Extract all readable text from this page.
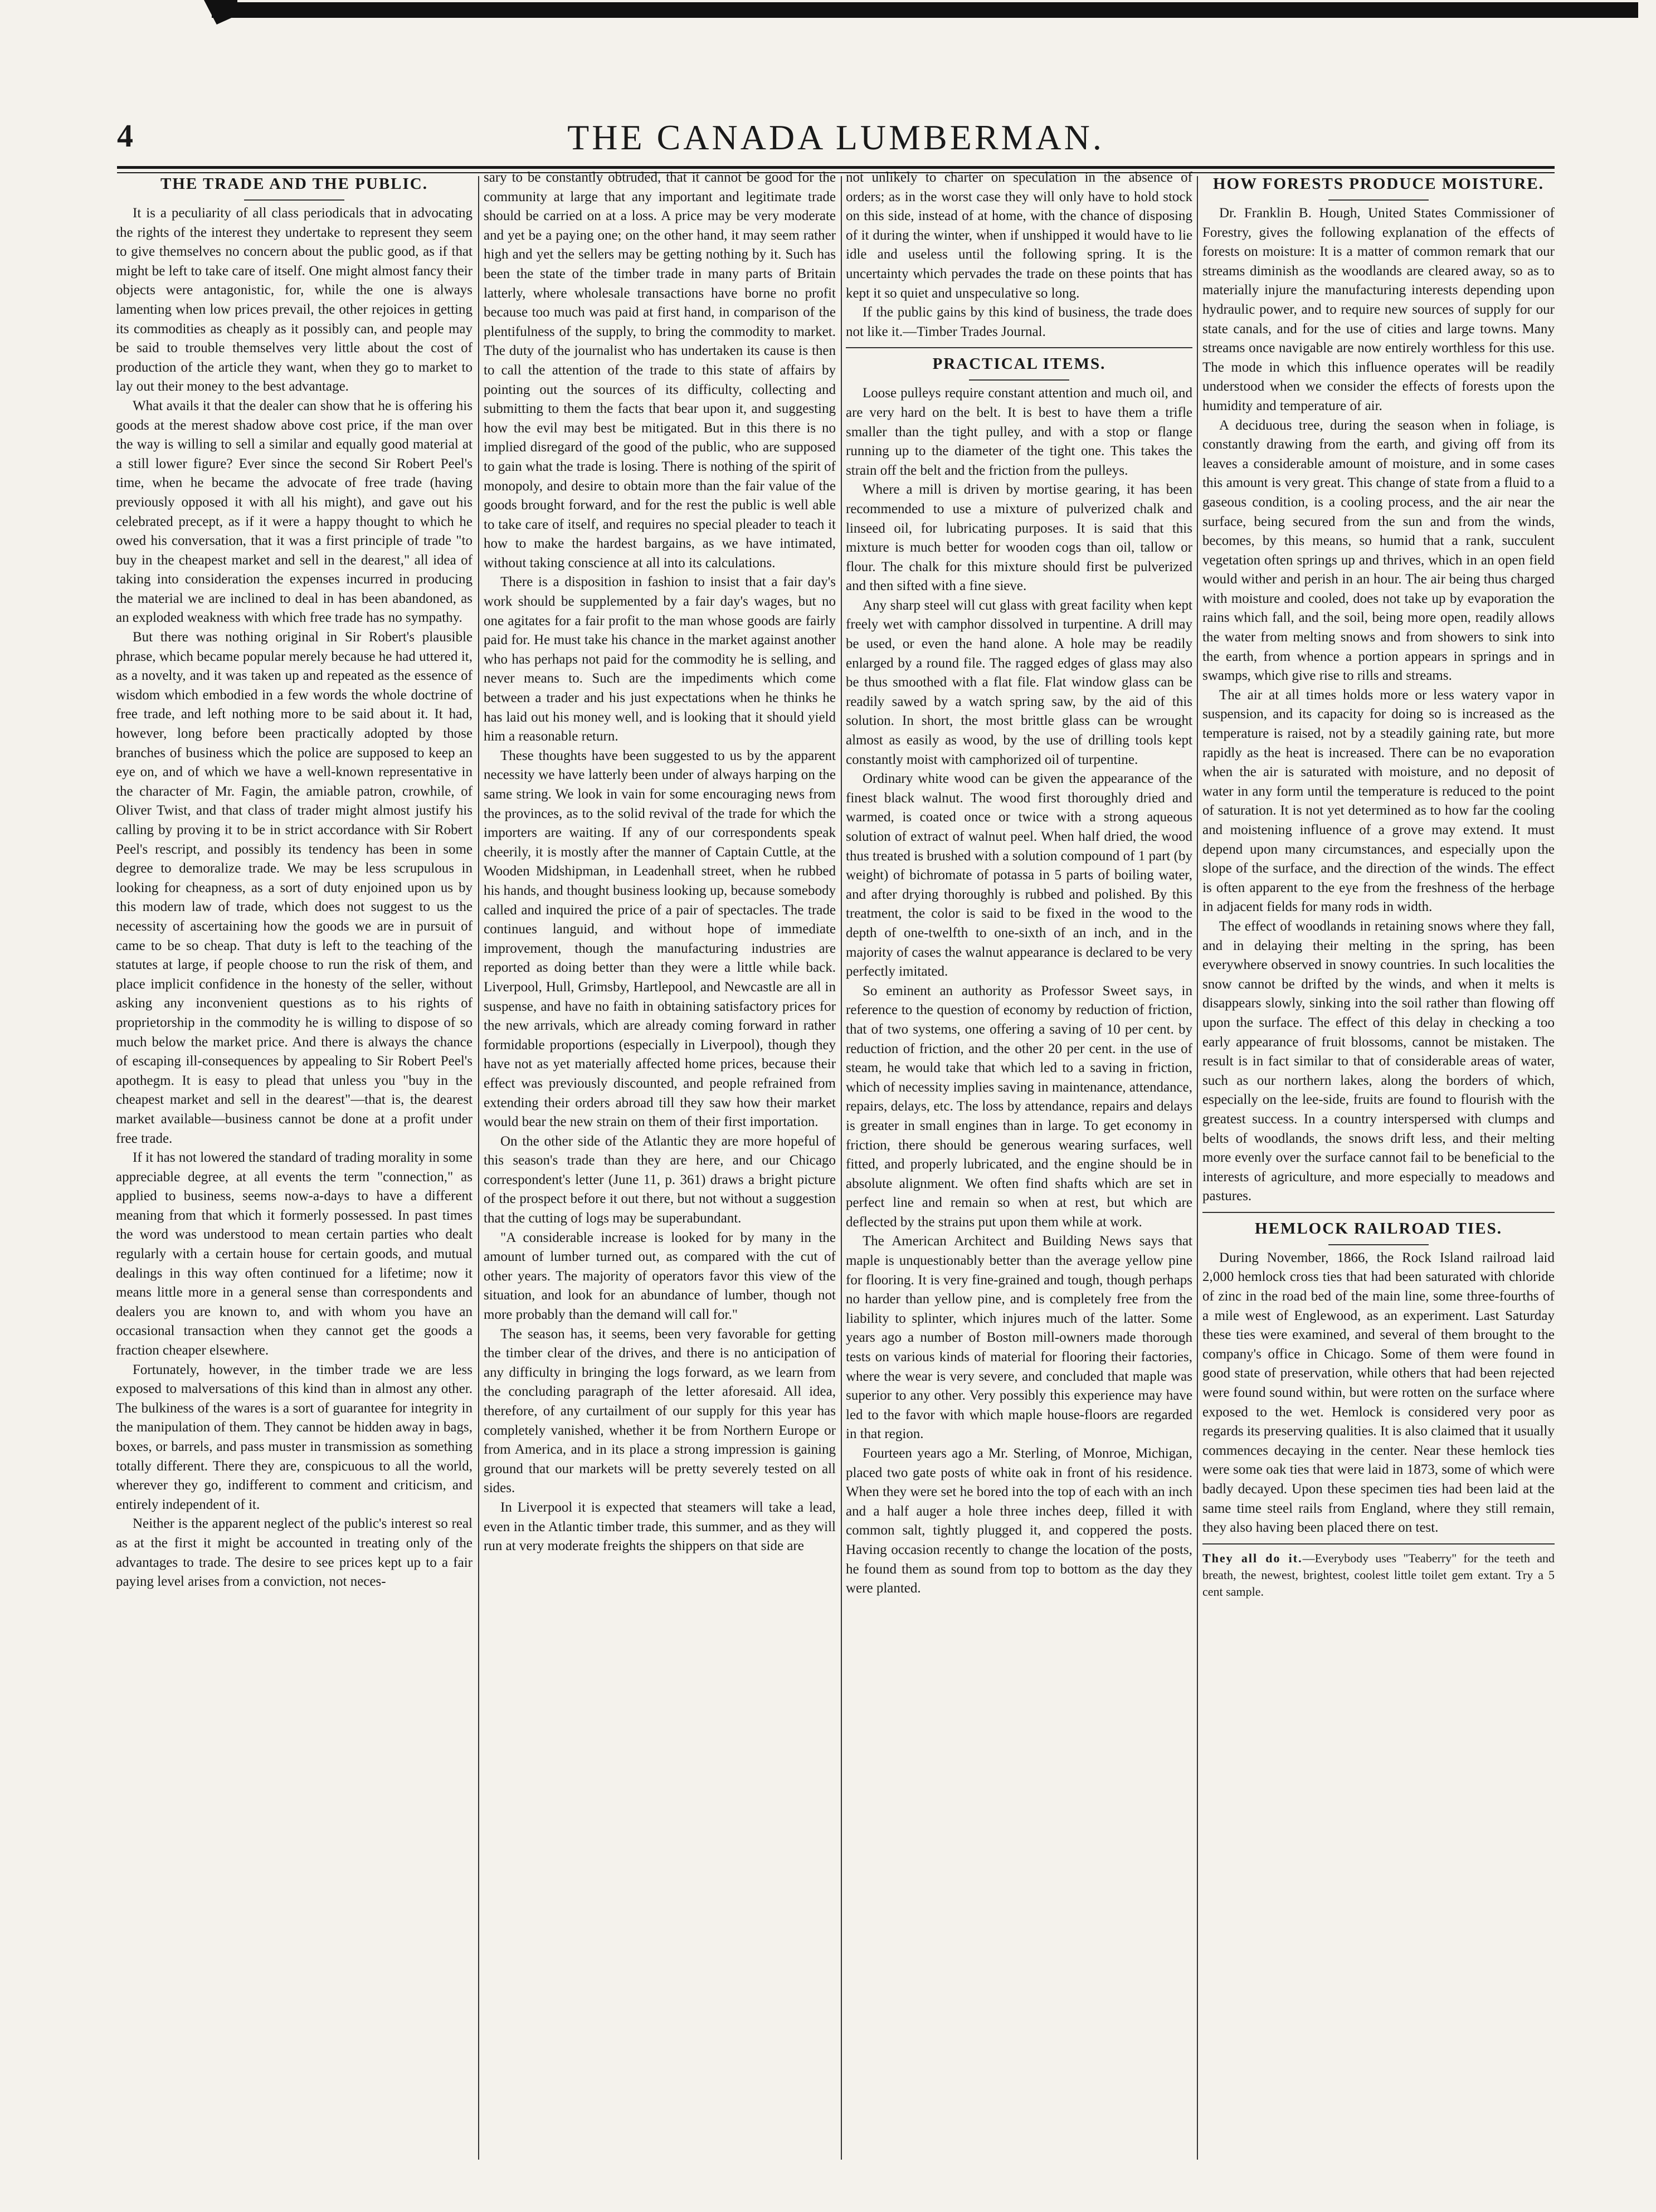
4	THE CANADA LUMBERMAN.
THE TRADE AND THE PUBLIC.

It is a peculiarity of all class periodicals that in advocating the rights of the interest they undertake to represent they seem to give themselves no concern about the public good, as if that might be left to take care of itself. One might almost fancy their objects were antagonistic, for, while the one is always lamenting when low prices prevail, the other rejoices in getting its commodities as cheaply as it possibly can, and people may be said to trouble themselves very little about the cost of production of the article they want, when they go to market to lay out their money to the best advantage.

What avails it that the dealer can show that he is offering his goods at the merest shadow above cost price, if the man over the way is willing to sell a similar and equally good material at a still lower figure? Ever since the second Sir Robert Peel's time, when he became the advocate of free trade (having previously opposed it with all his might), and gave out his celebrated precept, as if it were a happy thought to which he owed his conversation, that it was a first principle of trade "to buy in the cheapest market and sell in the dearest," all idea of taking into consideration the expenses incurred in producing the material we are inclined to deal in has been abandoned, as an exploded weakness with which free trade has no sympathy.

But there was nothing original in Sir Robert's plausible phrase, which became popular merely because he had uttered it, as a novelty, and it was taken up and repeated as the essence of wisdom which embodied in a few words the whole doctrine of free trade, and left nothing more to be said about it. It had, however, long before been practically adopted by those branches of business which the police are supposed to keep an eye on, and of which we have a well-known representative in the character of Mr. Fagin, the amiable patron, crowhile, of Oliver Twist, and that class of trader might almost justify his calling by proving it to be in strict accordance with Sir Robert Peel's rescript, and possibly its tendency has been in some degree to demoralize trade. We may be less scrupulous in looking for cheapness, as a sort of duty enjoined upon us by this modern law of trade, which does not suggest to us the necessity of ascertaining how the goods we are in pursuit of came to be so cheap. That duty is left to the teaching of the statutes at large, if people choose to run the risk of them, and place implicit confidence in the honesty of the seller, without asking any inconvenient questions as to his rights of proprietorship in the commodity he is willing to dispose of so much below the market price. And there is always the chance of escaping ill-consequences by appealing to Sir Robert Peel's apothegm. It is easy to plead that unless you "buy in the cheapest market and sell in the dearest"—that is, the dearest market available—business cannot be done at a profit under free trade.

If it has not lowered the standard of trading morality in some appreciable degree, at all events the term "connection," as applied to business, seems now-a-days to have a different meaning from that which it formerly possessed. In past times the word was understood to mean certain parties who dealt regularly with a certain house for certain goods, and mutual dealings in this way often continued for a lifetime; now it means little more in a general sense than correspondents and dealers you are known to, and with whom you have an occasional transaction when they cannot get the goods a fraction cheaper elsewhere.

Fortunately, however, in the timber trade we are less exposed to malversations of this kind than in almost any other. The bulkiness of the wares is a sort of guarantee for integrity in the manipulation of them. They cannot be hidden away in bags, boxes, or barrels, and pass muster in transmission as something totally different. There they are, conspicuous to all the world, wherever they go, indifferent to comment and criticism, and entirely independent of it.

Neither is the apparent neglect of the public's interest so real as at the first it might be accounted in treating only of the advantages to trade. The desire to see prices kept up to a fair paying level arises from a conviction, not neces-

sary to be constantly obtruded, that it cannot be good for the community at large that any important and legitimate trade should be carried on at a loss. A price may be very moderate and yet be a paying one; on the other hand, it may seem rather high and yet the sellers may be getting nothing by it. Such has been the state of the timber trade in many parts of Britain latterly, where wholesale transactions have borne no profit because too much was paid at first hand, in comparison of the plentifulness of the supply, to bring the commodity to market. The duty of the journalist who has undertaken its cause is then to call the attention of the trade to this state of affairs by pointing out the sources of its difficulty, collecting and submitting to them the facts that bear upon it, and suggesting how the evil may best be mitigated. But in this there is no implied disregard of the good of the public, who are supposed to gain what the trade is losing. There is nothing of the spirit of monopoly, and desire to obtain more than the fair value of the goods brought forward, and for the rest the public is well able to take care of itself, and requires no special pleader to teach it how to make the hardest bargains, as we have intimated, without taking conscience at all into its calculations.

There is a disposition in fashion to insist that a fair day's work should be supplemented by a fair day's wages, but no one agitates for a fair profit to the man whose goods are fairly paid for. He must take his chance in the market against another who has perhaps not paid for the commodity he is selling, and never means to. Such are the impediments which come between a trader and his just expectations when he thinks he has laid out his money well, and is looking that it should yield him a reasonable return.

These thoughts have been suggested to us by the apparent necessity we have latterly been under of always harping on the same string. We look in vain for some encouraging news from the provinces, as to the solid revival of the trade for which the importers are waiting. If any of our correspondents speak cheerily, it is mostly after the manner of Captain Cuttle, at the Wooden Midshipman, in Leadenhall street, when he rubbed his hands, and thought business looking up, because somebody called and inquired the price of a pair of spectacles. The trade continues languid, and without hope of immediate improvement, though the manufacturing industries are reported as doing better than they were a little while back. Liverpool, Hull, Grimsby, Hartlepool, and Newcastle are all in suspense, and have no faith in obtaining satisfactory prices for the new arrivals, which are already coming forward in rather formidable proportions (especially in Liverpool), though they have not as yet materially affected home prices, because their effect was previously discounted, and people refrained from extending their orders abroad till they saw how their market would bear the new strain on them of their first importation.

On the other side of the Atlantic they are more hopeful of this season's trade than they are here, and our Chicago correspondent's letter (June 11, p. 361) draws a bright picture of the prospect before it out there, but not without a suggestion that the cutting of logs may be superabundant.

"A considerable increase is looked for by many in the amount of lumber turned out, as compared with the cut of other years. The majority of operators favor this view of the situation, and look for an abundance of lumber, though not more probably than the demand will call for."

The season has, it seems, been very favorable for getting the timber clear of the drives, and there is no anticipation of any difficulty in bringing the logs forward, as we learn from the concluding paragraph of the letter aforesaid. All idea, therefore, of any curtailment of our supply for this year has completely vanished, whether it be from Northern Europe or from America, and in its place a strong impression is gaining ground that our markets will be pretty severely tested on all sides.

In Liverpool it is expected that steamers will take a lead, even in the Atlantic timber trade, this summer, and as they will run at very moderate freights the shippers on that side are

not unlikely to charter on speculation in the absence of orders; as in the worst case they will only have to hold stock on this side, instead of at home, with the chance of disposing of it during the winter, when if unshipped it would have to lie idle and useless until the following spring. It is the uncertainty which pervades the trade on these points that has kept it so quiet and unspeculative so long.

If the public gains by this kind of business, the trade does not like it.—Timber Trades Journal.

PRACTICAL ITEMS.

Loose pulleys require constant attention and much oil, and are very hard on the belt. It is best to have them a trifle smaller than the tight pulley, and with a stop or flange running up to the diameter of the tight one. This takes the strain off the belt and the friction from the pulleys.

Where a mill is driven by mortise gearing, it has been recommended to use a mixture of pulverized chalk and linseed oil, for lubricating purposes. It is said that this mixture is much better for wooden cogs than oil, tallow or flour. The chalk for this mixture should first be pulverized and then sifted with a fine sieve.

Any sharp steel will cut glass with great facility when kept freely wet with camphor dissolved in turpentine. A drill may be used, or even the hand alone. A hole may be readily enlarged by a round file. The ragged edges of glass may also be thus smoothed with a flat file. Flat window glass can be readily sawed by a watch spring saw, by the aid of this solution. In short, the most brittle glass can be wrought almost as easily as wood, by the use of drilling tools kept constantly moist with camphorized oil of turpentine.

Ordinary white wood can be given the appearance of the finest black walnut. The wood first thoroughly dried and warmed, is coated once or twice with a strong aqueous solution of extract of walnut peel. When half dried, the wood thus treated is brushed with a solution compound of 1 part (by weight) of bichromate of potassa in 5 parts of boiling water, and after drying thoroughly is rubbed and polished. By this treatment, the color is said to be fixed in the wood to the depth of one-twelfth to one-sixth of an inch, and in the majority of cases the walnut appearance is declared to be very perfectly imitated.

So eminent an authority as Professor Sweet says, in reference to the question of economy by reduction of friction, that of two systems, one offering a saving of 10 per cent. by reduction of friction, and the other 20 per cent. in the use of steam, he would take that which led to a saving in friction, which of necessity implies saving in maintenance, attendance, repairs, delays, etc. The loss by attendance, repairs and delays is greater in small engines than in large. To get economy in friction, there should be generous wearing surfaces, well fitted, and properly lubricated, and the engine should be in absolute alignment. We often find shafts which are set in perfect line and remain so when at rest, but which are deflected by the strains put upon them while at work.

The American Architect and Building News says that maple is unquestionably better than the average yellow pine for flooring. It is very fine-grained and tough, though perhaps no harder than yellow pine, and is completely free from the liability to splinter, which injures much of the latter. Some years ago a number of Boston mill-owners made thorough tests on various kinds of material for flooring their factories, where the wear is very severe, and concluded that maple was superior to any other. Very possibly this experience may have led to the favor with which maple house-floors are regarded in that region.

Fourteen years ago a Mr. Sterling, of Monroe, Michigan, placed two gate posts of white oak in front of his residence. When they were set he bored into the top of each with an inch and a half auger a hole three inches deep, filled it with common salt, tightly plugged it, and coppered the posts. Having occasion recently to change the location of the posts, he found them as sound from top to bottom as the day they were planted.

HOW FORESTS PRODUCE MOISTURE.

Dr. Franklin B. Hough, United States Commissioner of Forestry, gives the following explanation of the effects of forests on moisture: It is a matter of common remark that our streams diminish as the woodlands are cleared away, so as to materially injure the manufacturing interests depending upon hydraulic power, and to require new sources of supply for our state canals, and for the use of cities and large towns. Many streams once navigable are now entirely worthless for this use. The mode in which this influence operates will be readily understood when we consider the effects of forests upon the humidity and temperature of air.

A deciduous tree, during the season when in foliage, is constantly drawing from the earth, and giving off from its leaves a considerable amount of moisture, and in some cases this amount is very great. This change of state from a fluid to a gaseous condition, is a cooling process, and the air near the surface, being secured from the sun and from the winds, becomes, by this means, so humid that a rank, succulent vegetation often springs up and thrives, which in an open field would wither and perish in an hour. The air being thus charged with moisture and cooled, does not take up by evaporation the rains which fall, and the soil, being more open, readily allows the water from melting snows and from showers to sink into the earth, from whence a portion appears in springs and in swamps, which give rise to rills and streams.

The air at all times holds more or less watery vapor in suspension, and its capacity for doing so is increased as the temperature is raised, not by a steadily gaining rate, but more rapidly as the heat is increased. There can be no evaporation when the air is saturated with moisture, and no deposit of water in any form until the temperature is reduced to the point of saturation. It is not yet determined as to how far the cooling and moistening influence of a grove may extend. It must depend upon many circumstances, and especially upon the slope of the surface, and the direction of the winds. The effect is often apparent to the eye from the freshness of the herbage in adjacent fields for many rods in width.

The effect of woodlands in retaining snows where they fall, and in delaying their melting in the spring, has been everywhere observed in snowy countries. In such localities the snow cannot be drifted by the winds, and when it melts is disappears slowly, sinking into the soil rather than flowing off upon the surface. The effect of this delay in checking a too early appearance of fruit blossoms, cannot be mistaken. The result is in fact similar to that of considerable areas of water, such as our northern lakes, along the borders of which, especially on the lee-side, fruits are found to flourish with the greatest success. In a country interspersed with clumps and belts of woodlands, the snows drift less, and their melting more evenly over the surface cannot fail to be beneficial to the interests of agriculture, and more especially to meadows and pastures.

HEMLOCK RAILROAD TIES.

During November, 1866, the Rock Island railroad laid 2,000 hemlock cross ties that had been saturated with chloride of zinc in the road bed of the main line, some three-fourths of a mile west of Englewood, as an experiment. Last Saturday these ties were examined, and several of them brought to the company's office in Chicago. Some of them were found in good state of preservation, while others that had been rejected were found sound within, but were rotten on the surface where exposed to the wet. Hemlock is considered very poor as regards its preserving qualities. It is also claimed that it usually commences decaying in the center. Near these hemlock ties were some oak ties that were laid in 1873, some of which were badly decayed. Upon these specimen ties had been laid at the same time steel rails from England, where they still remain, they also having been placed there on test.

They all do it.—Everybody uses "Teaberry" for the teeth and breath, the newest, brightest, coolest little toilet gem extant. Try a 5 cent sample.
